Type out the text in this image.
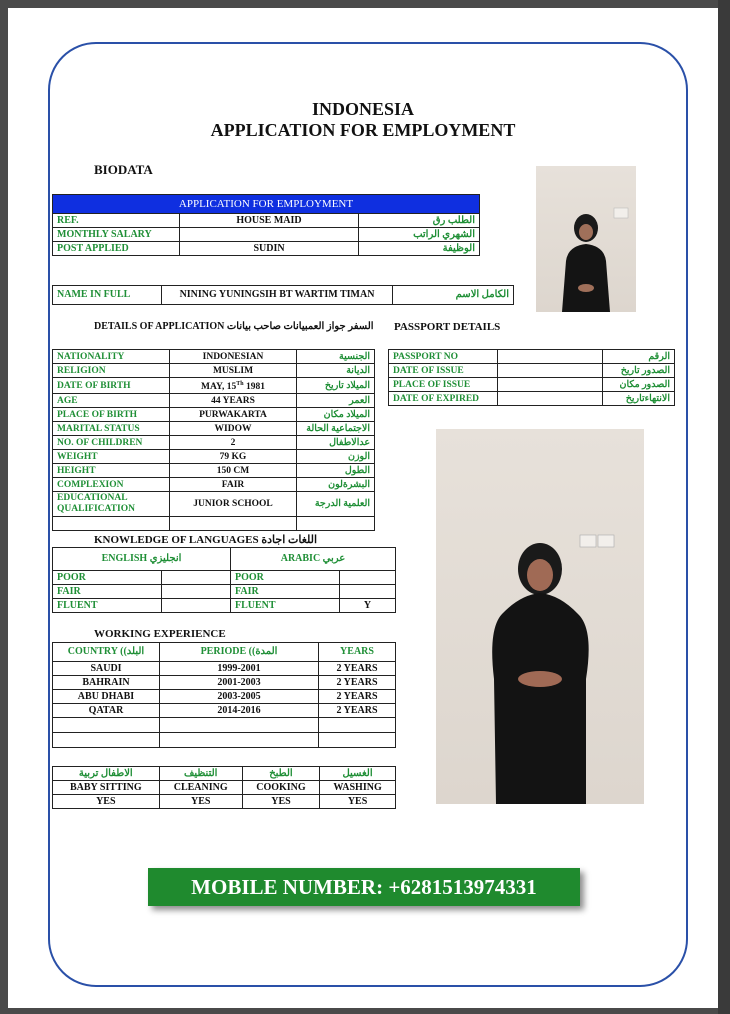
INDONESIA
APPLICATION FOR EMPLOYMENT
BIODATA
APPLICATION FOR EMPLOYMENT		
REF.	HOUSE MAID	الطلب رق
MONTHLY SALARY		الشهري الراتب
POST APPLIED	SUDIN	الوظيفة
NAME IN FULL	NINING YUNINGSIH BT WARTIM TIMAN	الكامل الاسم
DETAILS OF APPLICATION السفر جواز العمبيانات صاحب بيانات PASSPORT DETAILS
NATIONALITY	INDONESIAN	الجنسية
RELIGION	MUSLIM	الديانة
DATE OF BIRTH	MAY, 15Th 1981	الميلاد تاريخ
AGE	44 YEARS	العمر
PLACE OF BIRTH	PURWAKARTA	الميلاد مكان
MARITAL STATUS	WIDOW	الاجتماعية الحالة
NO. OF CHILDREN	2	عدالاطفال
WEIGHT	79 KG	الوزن
HEIGHT	150 CM	الطول
COMPLEXION	FAIR	البشرةلون
EDUCATIONAL QUALIFICATION	JUNIOR SCHOOL	العلمية الدرجة

PASSPORT NO		الرقم
DATE OF ISSUE		الصدور تاريخ
PLACE OF ISSUE		الصدور مكان
DATE OF EXPIRED		الانتهاءتاريخ
KNOWLEDGE OF LANGUAGES اللغات اجادة
ENGLISH انجليزي		ARABIC عربي	
POOR		POOR	
FAIR		FAIR	
FLUENT		FLUENT	Y
WORKING EXPERIENCE
COUNTRY ((البلد	PERIODE ((المدة	YEARS
SAUDI	1999-2001	2 YEARS
BAHRAIN	2001-2003	2 YEARS
ABU DHABI	2003-2005	2 YEARS
QATAR	2014-2016	2 YEARS

الاطفال تربية	التنظيف	الطبخ	الغسيل
BABY SITTING	CLEANING	COOKING	WASHING
YES	YES	YES	YES
MOBILE NUMBER: +6281513974331
